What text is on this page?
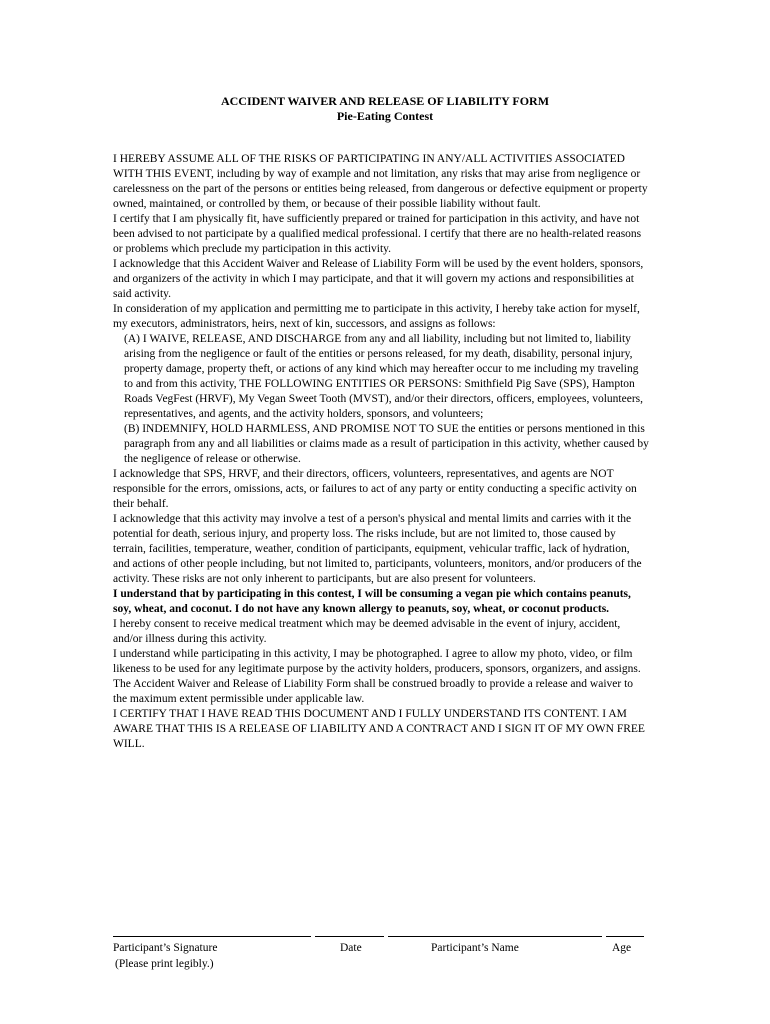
ACCIDENT WAIVER AND RELEASE OF LIABILITY FORM
Pie-Eating Contest

I HEREBY ASSUME ALL OF THE RISKS OF PARTICIPATING IN ANY/ALL ACTIVITIES ASSOCIATED WITH THIS EVENT, including by way of example and not limitation, any risks that may arise from negligence or carelessness on the part of the persons or entities being released, from dangerous or defective equipment or property owned, maintained, or controlled by them, or because of their possible liability without fault.

I certify that I am physically fit, have sufficiently prepared or trained for participation in this activity, and have not been advised to not participate by a qualified medical professional. I certify that there are no health-related reasons or problems which preclude my participation in this activity.

I acknowledge that this Accident Waiver and Release of Liability Form will be used by the event holders, sponsors, and organizers of the activity in which I may participate, and that it will govern my actions and responsibilities at said activity.

In consideration of my application and permitting me to participate in this activity, I hereby take action for myself, my executors, administrators, heirs, next of kin, successors, and assigns as follows:

(A) I WAIVE, RELEASE, AND DISCHARGE from any and all liability, including but not limited to, liability arising from the negligence or fault of the entities or persons released, for my death, disability, personal injury, property damage, property theft, or actions of any kind which may hereafter occur to me including my traveling to and from this activity, THE FOLLOWING ENTITIES OR PERSONS: Smithfield Pig Save (SPS), Hampton Roads VegFest (HRVF), My Vegan Sweet Tooth (MVST), and/or their directors, officers, employees, volunteers, representatives, and agents, and the activity holders, sponsors, and volunteers;

(B) INDEMNIFY, HOLD HARMLESS, AND PROMISE NOT TO SUE the entities or persons mentioned in this paragraph from any and all liabilities or claims made as a result of participation in this activity, whether caused by the negligence of release or otherwise.

I acknowledge that SPS, HRVF, and their directors, officers, volunteers, representatives, and agents are NOT responsible for the errors, omissions, acts, or failures to act of any party or entity conducting a specific activity on their behalf.

I acknowledge that this activity may involve a test of a person's physical and mental limits and carries with it the potential for death, serious injury, and property loss. The risks include, but are not limited to, those caused by terrain, facilities, temperature, weather, condition of participants, equipment, vehicular traffic, lack of hydration, and actions of other people including, but not limited to, participants, volunteers, monitors, and/or producers of the activity. These risks are not only inherent to participants, but are also present for volunteers.

I understand that by participating in this contest, I will be consuming a vegan pie which contains peanuts, soy, wheat, and coconut. I do not have any known allergy to peanuts, soy, wheat, or coconut products.

I hereby consent to receive medical treatment which may be deemed advisable in the event of injury, accident, and/or illness during this activity.

I understand while participating in this activity, I may be photographed. I agree to allow my photo, video, or film likeness to be used for any legitimate purpose by the activity holders, producers, sponsors, organizers, and assigns.

The Accident Waiver and Release of Liability Form shall be construed broadly to provide a release and waiver to the maximum extent permissible under applicable law.

I CERTIFY THAT I HAVE READ THIS DOCUMENT AND I FULLY UNDERSTAND ITS CONTENT. I AM AWARE THAT THIS IS A RELEASE OF LIABILITY AND A CONTRACT AND I SIGN IT OF MY OWN FREE WILL.

Participant’s Signature	Date	Participant’s Name	Age
(Please print legibly.)
